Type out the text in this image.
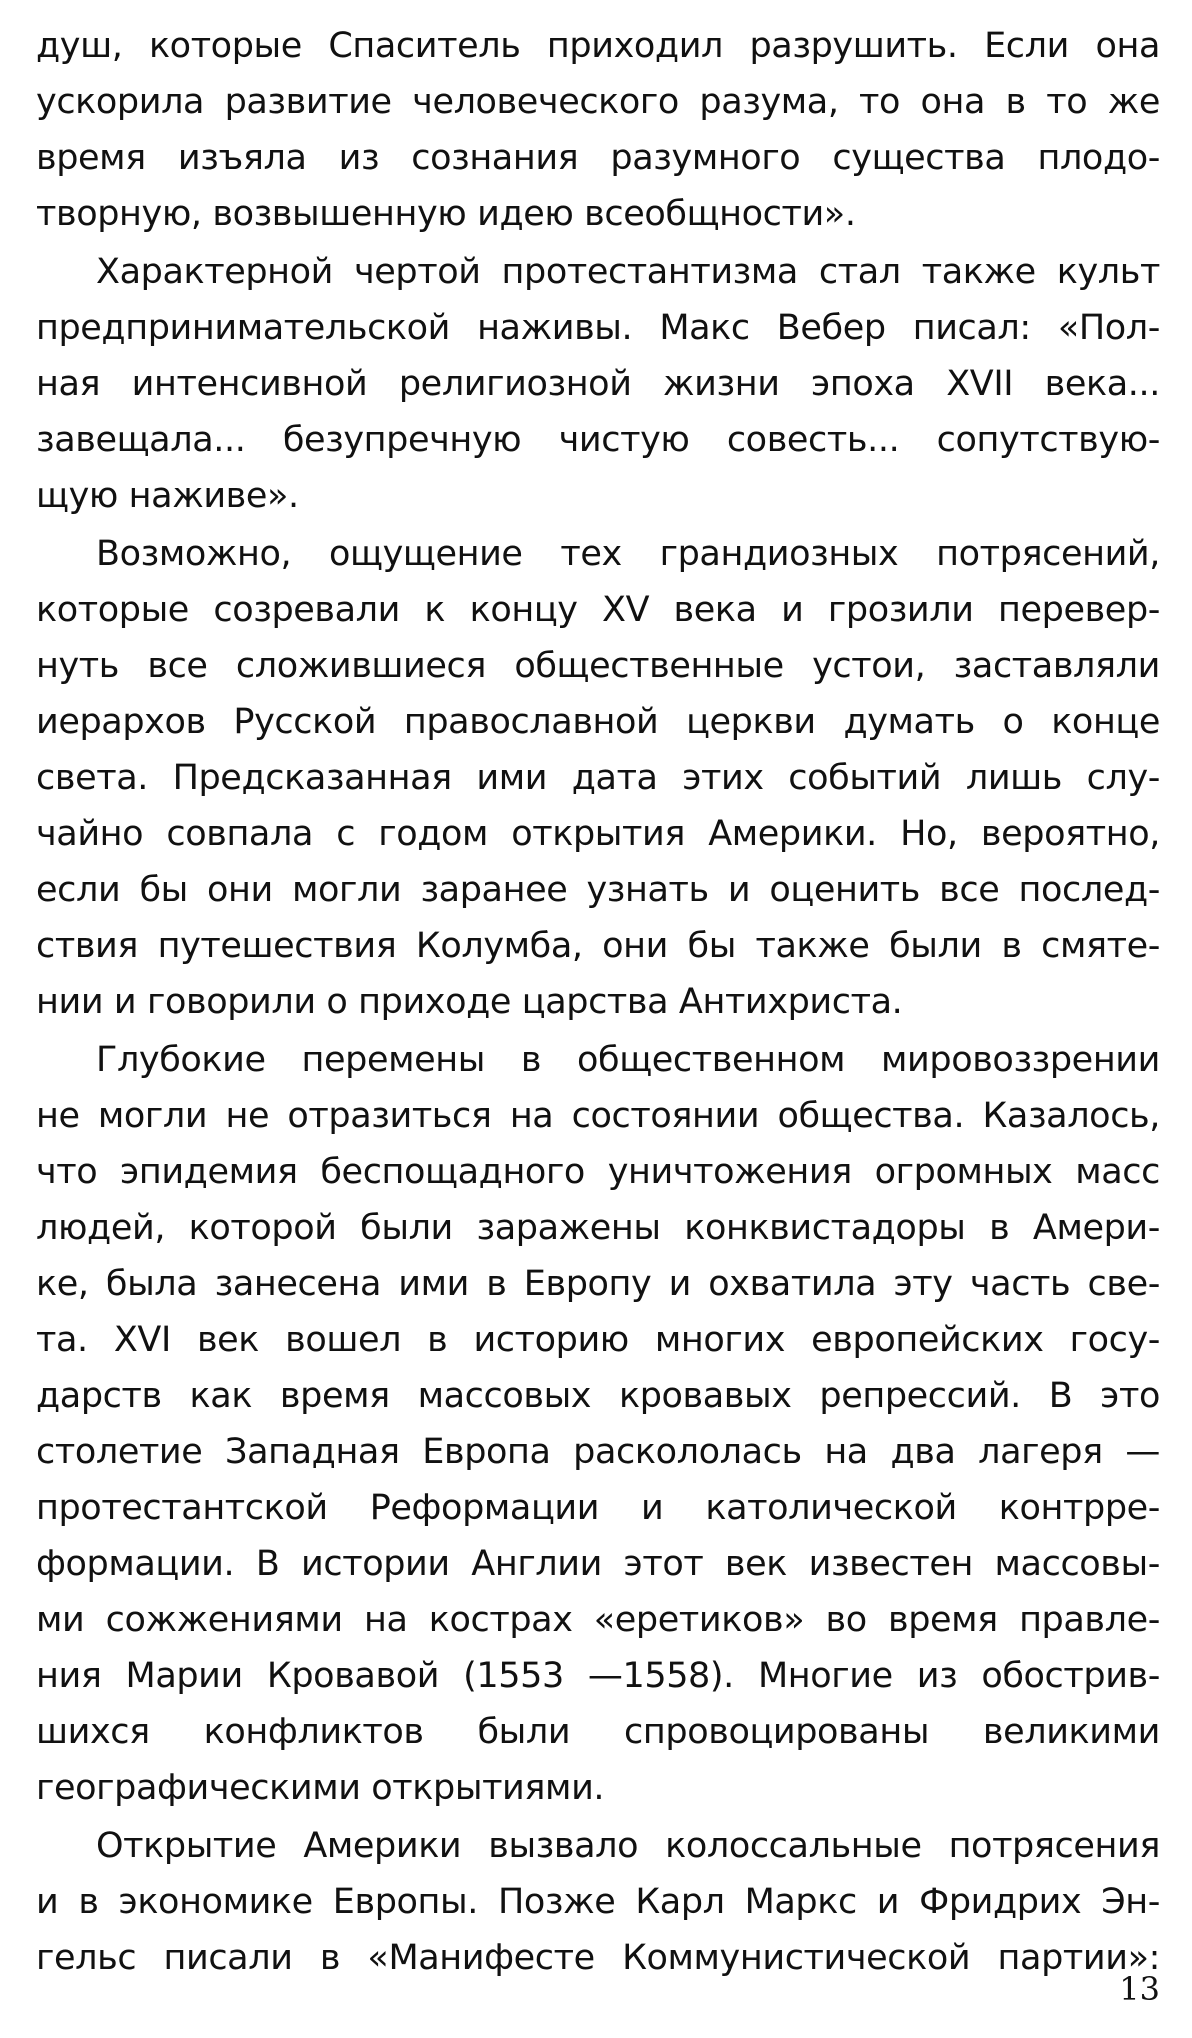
душ, которые Спаситель приходил разрушить. Если она
ускорила развитие человеческого разума, то она в то же
время изъяла из сознания разумного существа плодо-
творную, возвышенную идею всеобщности».
Характерной чертой протестантизма стал также культ
предпринимательской наживы. Макс Вебер писал: «Пол-
ная интенсивной религиозной жизни эпоха XVII века...
завещала... безупречную чистую совесть... сопутствую-
щую наживе».
Возможно, ощущение тех грандиозных потрясений,
которые созревали к концу XV века и грозили перевер-
нуть все сложившиеся общественные устои, заставляли
иерархов Русской православной церкви думать о конце
света. Предсказанная ими дата этих событий лишь слу-
чайно совпала с годом открытия Америки. Но, вероятно,
если бы они могли заранее узнать и оценить все послед-
ствия путешествия Колумба, они бы также были в смяте-
нии и говорили о приходе царства Антихриста.
Глубокие перемены в общественном мировоззрении
не могли не отразиться на состоянии общества. Казалось,
что эпидемия беспощадного уничтожения огромных масс
людей, которой были заражены конквистадоры в Амери-
ке, была занесена ими в Европу и охватила эту часть све-
та. XVI век вошел в историю многих европейских госу-
дарств как время массовых кровавых репрессий. В это
столетие Западная Европа раскололась на два лагеря —
протестантской Реформации и католической контрре-
формации. В истории Англии этот век известен массовы-
ми сожжениями на кострах «еретиков» во время правле-
ния Марии Кровавой (1553 —1558). Многие из обострив-
шихся конфликтов были спровоцированы великими
географическими открытиями.
Открытие Америки вызвало колоссальные потрясения
и в экономике Европы. Позже Карл Маркс и Фридрих Эн-
гельс писали в «Манифесте Коммунистической партии»:
13
